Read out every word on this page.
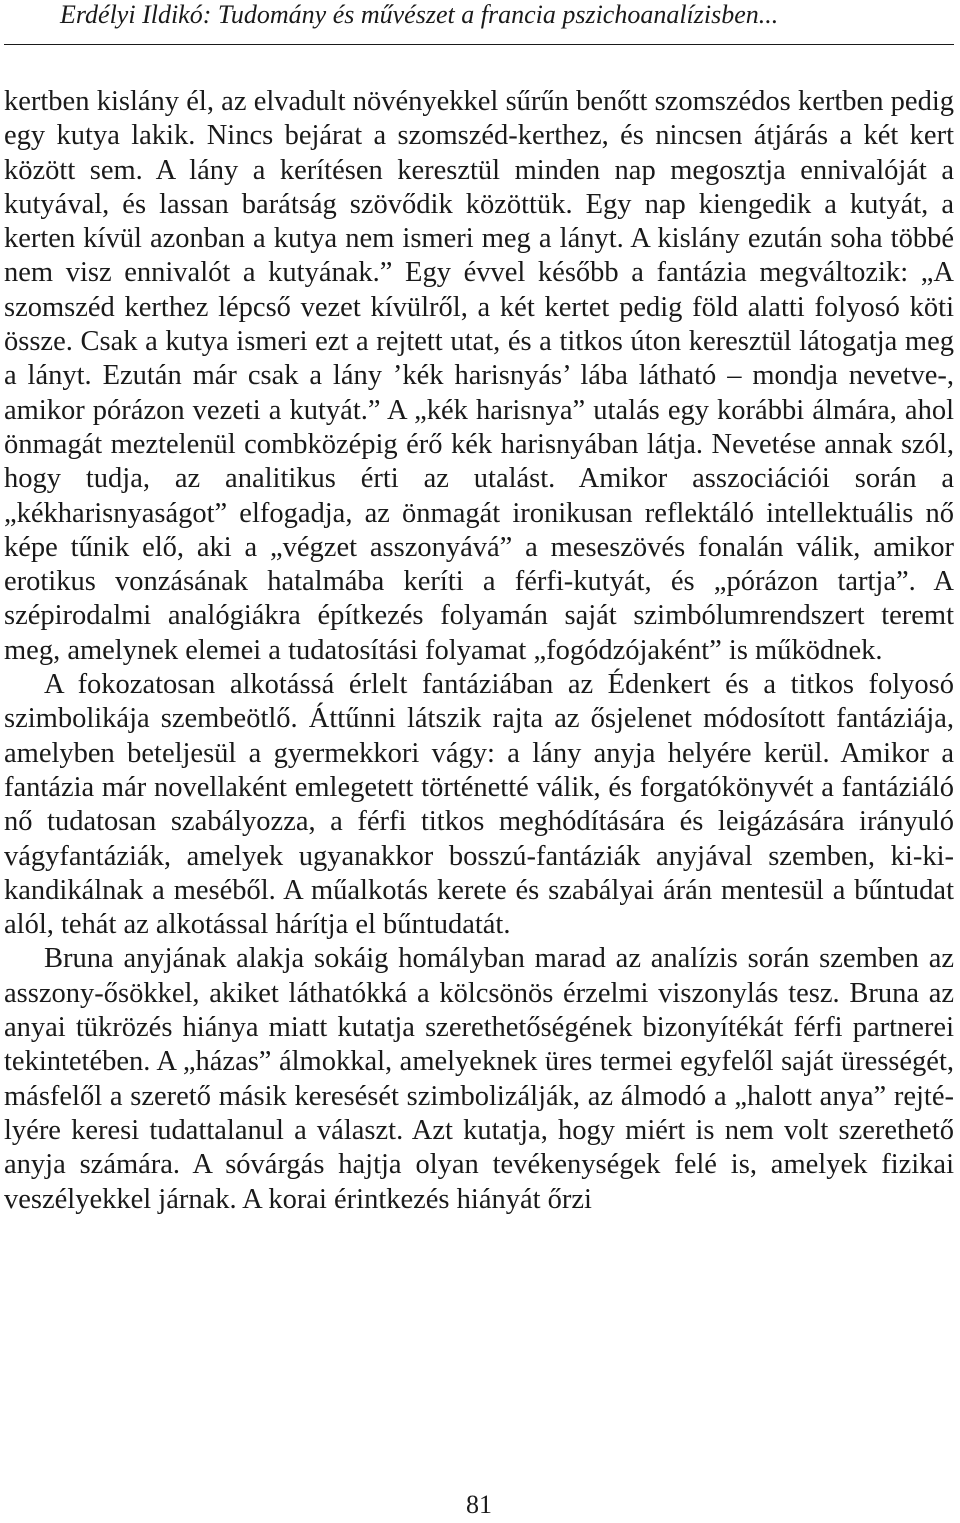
Erdélyi Ildikó: Tudomány és művészet a francia pszichoanalízisben...

kertben kislány él, az elvadult növényekkel sűrűn benőtt szomszédos kertben pedig egy kutya lakik. Nincs bejárat a szomszéd-kerthez, és nincsen átjárás a két kert között sem. A lány a kerítésen keresztül minden nap megosztja ennivalóját a kutyával, és lassan barátság szövődik közöttük. Egy nap kiengedik a kutyát, a kerten kívül azonban a kutya nem ismeri meg a lányt. A kislány ezután soha többé nem visz ennivalót a kutyának.” Egy évvel később a fantázia megváltozik: „A szomszéd kerthez lépcső vezet kívülről, a két kertet pedig föld alatti folyosó köti össze. Csak a kutya ismeri ezt a rejtett utat, és a titkos úton keresztül látogatja meg a lányt. Ezután már csak a lány ’kék harisnyás’ lába látható – mondja nevetve-, amikor pórázon vezeti a kutyát.” A „kék harisnya” utalás egy korábbi álmára, ahol önmagát meztelenül combközépig érő kék harisnyában látja. Nevetése annak szól, hogy tudja, az analitikus érti az utalást. Amikor asszociációi során a „kékharisnyaságot” elfogadja, az önmagát ironikusan reflektáló intellektuális nő képe tűnik elő, aki a „végzet asszonyává” a meseszövés fonalán válik, amikor erotikus vonzásának hatalmába keríti a férfi-kutyát, és „pórázon tartja”. A szépirodalmi analógiákra építkezés folyamán saját szimbólumrendszert teremt meg, amelynek elemei a tudatosítási folyamat „fogódzójaként” is működnek.

A fokozatosan alkotássá érlelt fantáziában az Édenkert és a titkos folyosó szimbolikája szembeötlő. Áttűnni látszik rajta az ősjelenet módosított fantáziája, amelyben beteljesül a gyermekkori vágy: a lány anyja helyére kerül. Amikor a fantázia már novellaként emlegetett történetté válik, és forgatókönyvét a fantáziáló nő tudatosan szabályozza, a férfi titkos meghódítására és leigázására irányuló vágyfantáziák, amelyek ugyanakkor bosszú-fantáziák anyjával szemben, ki-kikandikálnak a meséből. A műalkotás kerete és szabályai árán mentesül a bűntudat alól, tehát az alkotással hárítja el bűntudatát.

Bruna anyjának alakja sokáig homályban marad az analízis során szemben az asszony-ősökkel, akiket láthatókká a kölcsönös érzelmi viszonylás tesz. Bruna az anyai tükrözés hiánya miatt kutatja szerethetőségének bizonyítékát férfi partnerei tekintetében. A „házas” álmokkal, amelyeknek üres termei egyfelől saját ürességét, másfelől a szerető másik keresését szimbolizálják, az álmodó a „halott anya” rejtélyére keresi tudattalanul a választ. Azt kutatja, hogy miért is nem volt szerethető anyja számára. A sóvárgás hajtja olyan tevékenységek felé is, amelyek fizikai veszélyekkel járnak. A korai érintkezés hiányát őrzi

81
